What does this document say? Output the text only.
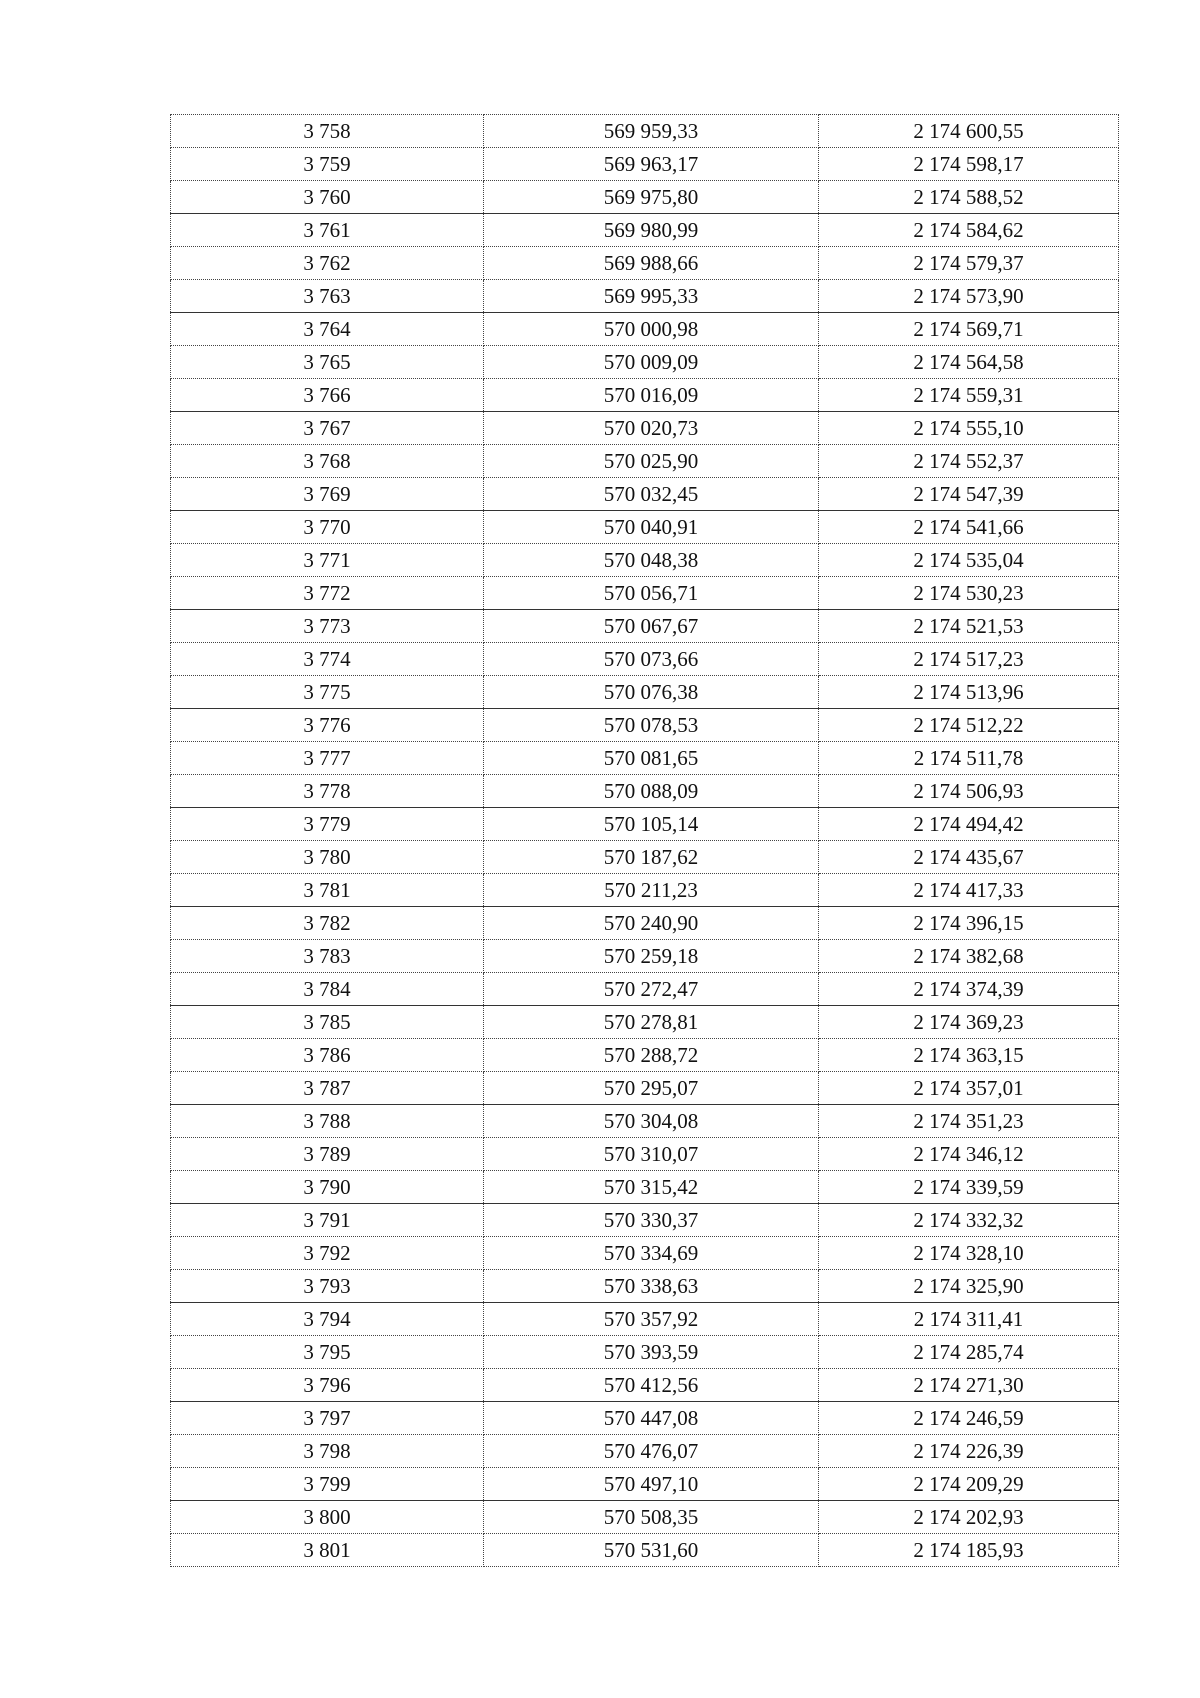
3 758	569 959,33	2 174 600,55
3 759	569 963,17	2 174 598,17
3 760	569 975,80	2 174 588,52
3 761	569 980,99	2 174 584,62
3 762	569 988,66	2 174 579,37
3 763	569 995,33	2 174 573,90
3 764	570 000,98	2 174 569,71
3 765	570 009,09	2 174 564,58
3 766	570 016,09	2 174 559,31
3 767	570 020,73	2 174 555,10
3 768	570 025,90	2 174 552,37
3 769	570 032,45	2 174 547,39
3 770	570 040,91	2 174 541,66
3 771	570 048,38	2 174 535,04
3 772	570 056,71	2 174 530,23
3 773	570 067,67	2 174 521,53
3 774	570 073,66	2 174 517,23
3 775	570 076,38	2 174 513,96
3 776	570 078,53	2 174 512,22
3 777	570 081,65	2 174 511,78
3 778	570 088,09	2 174 506,93
3 779	570 105,14	2 174 494,42
3 780	570 187,62	2 174 435,67
3 781	570 211,23	2 174 417,33
3 782	570 240,90	2 174 396,15
3 783	570 259,18	2 174 382,68
3 784	570 272,47	2 174 374,39
3 785	570 278,81	2 174 369,23
3 786	570 288,72	2 174 363,15
3 787	570 295,07	2 174 357,01
3 788	570 304,08	2 174 351,23
3 789	570 310,07	2 174 346,12
3 790	570 315,42	2 174 339,59
3 791	570 330,37	2 174 332,32
3 792	570 334,69	2 174 328,10
3 793	570 338,63	2 174 325,90
3 794	570 357,92	2 174 311,41
3 795	570 393,59	2 174 285,74
3 796	570 412,56	2 174 271,30
3 797	570 447,08	2 174 246,59
3 798	570 476,07	2 174 226,39
3 799	570 497,10	2 174 209,29
3 800	570 508,35	2 174 202,93
3 801	570 531,60	2 174 185,93
